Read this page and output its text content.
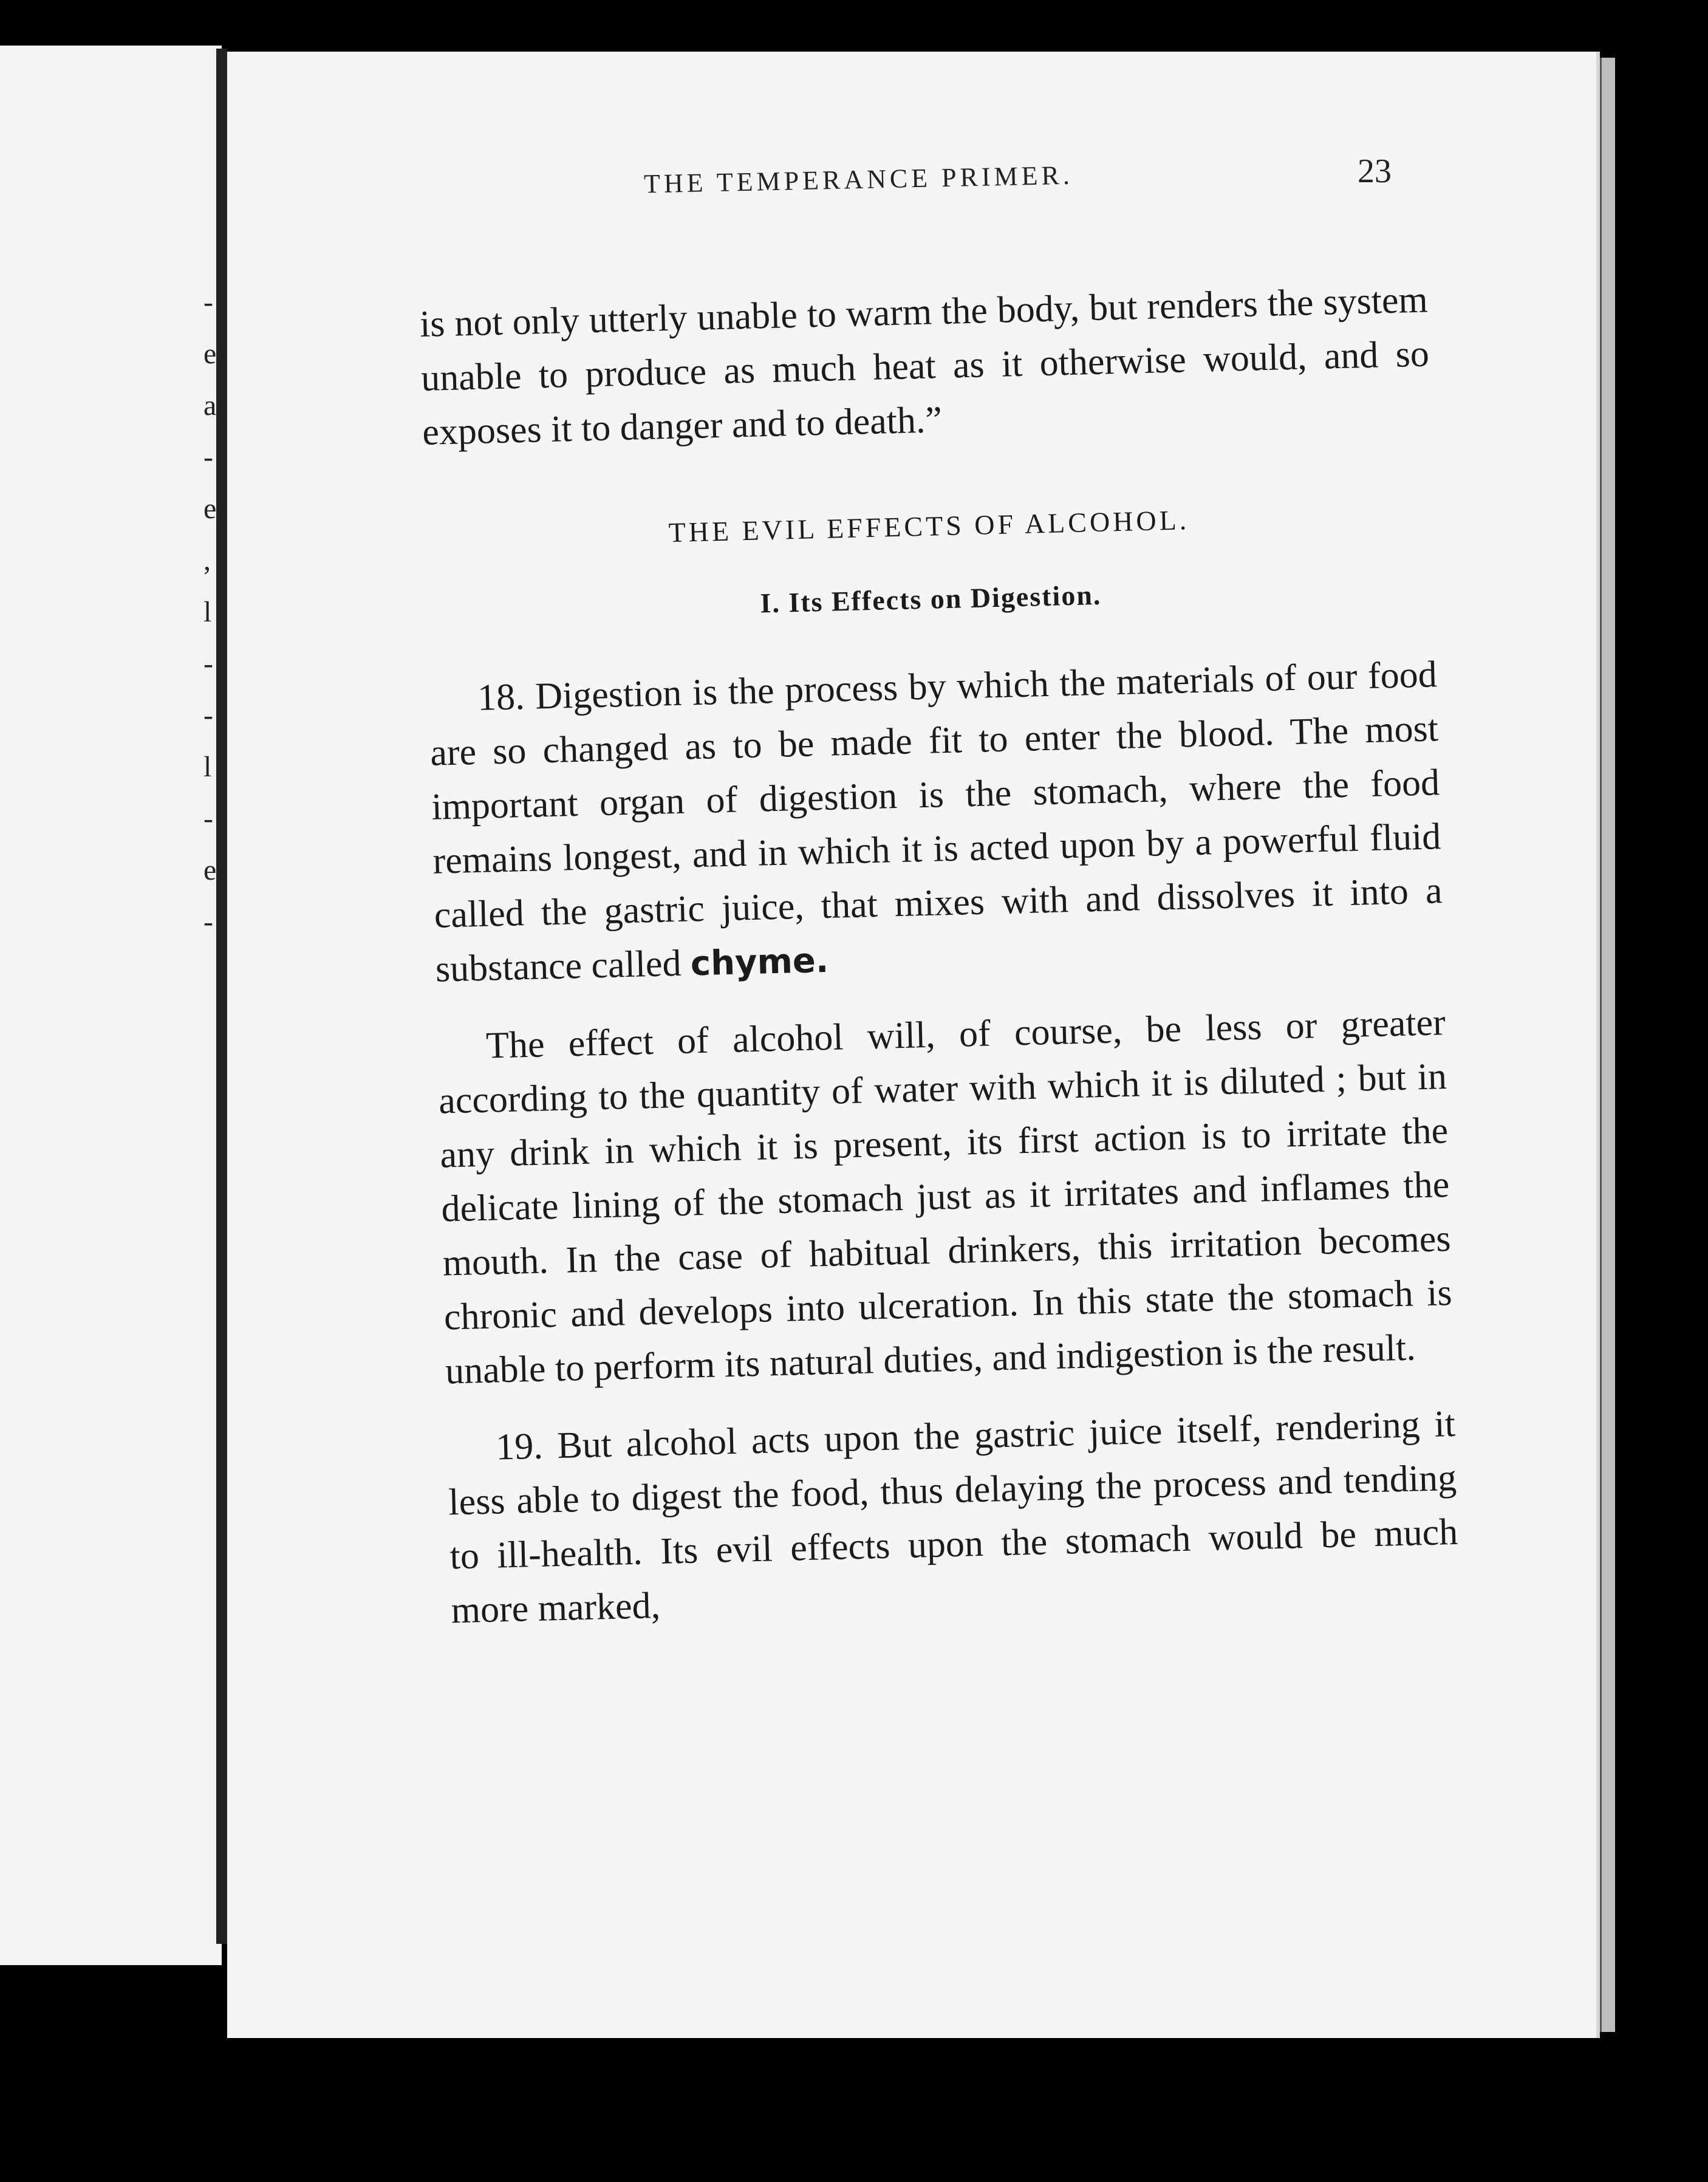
-
e
a
-
e
,
l
-
-
l
-
e
-
THE TEMPERANCE PRIMER.	23

is not only utterly unable to warm the body, but renders the system unable to produce as much heat as it otherwise would, and so exposes it to danger and to death.”

THE EVIL EFFECTS OF ALCOHOL.
I. Its Effects on Digestion.

18. Digestion is the process by which the materials of our food are so changed as to be made fit to enter the blood. The most important organ of digestion is the stomach, where the food remains longest, and in which it is acted upon by a powerful fluid called the gastric juice, that mixes with and dissolves it into a substance called chyme.

The effect of alcohol will, of course, be less or greater according to the quantity of water with which it is diluted ; but in any drink in which it is present, its first action is to irritate the delicate lining of the stomach just as it irritates and inflames the mouth. In the case of habitual drinkers, this irritation becomes chronic and develops into ulceration. In this state the stomach is unable to perform its natural duties, and indigestion is the result.

19. But alcohol acts upon the gastric juice itself, rendering it less able to digest the food, thus delaying the process and tending to ill-health. Its evil effects upon the stomach would be much more marked,
